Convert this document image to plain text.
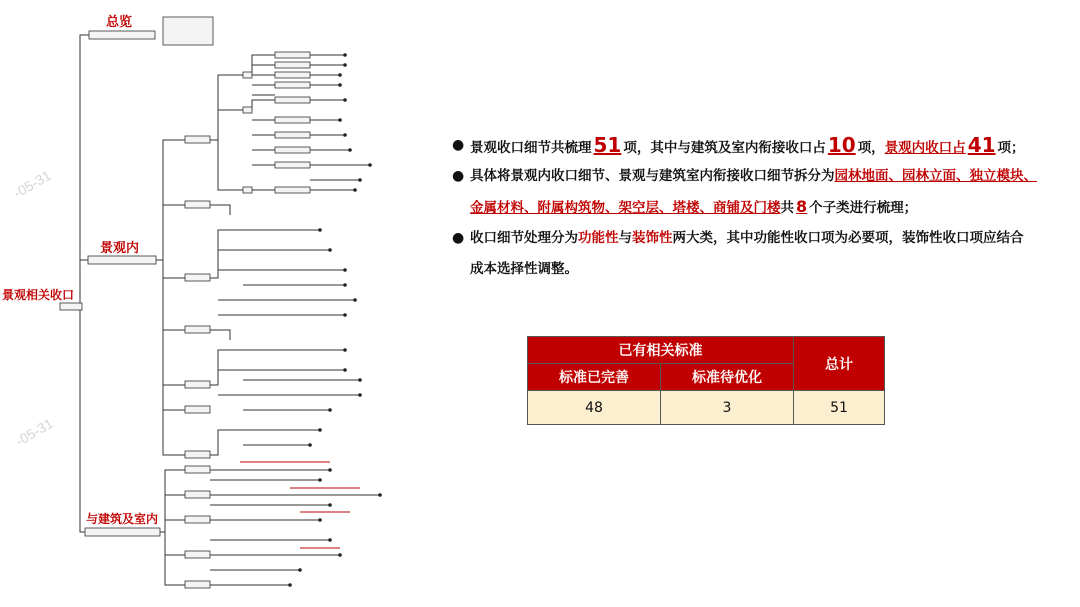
景观相关收口
总览
景观内
与建筑及室内
-05-31
-05-31
● 景观收口细节共梳理 51 项，其中与建筑及室内衔接收口占 10 项，景观内收口占 41 项；
● 具体将景观内收口细节、景观与建筑室内衔接收口细节拆分为园林地面、园林立面、独立模块、
金属材料、附属构筑物、架空层、塔楼、商铺及门楼共 8 个子类进行梳理；
● 收口细节处理分为功能性与装饰性两大类，其中功能性收口项为必要项，装饰性收口项应结合
成本选择性调整。
已有相关标准		总计
标准已完善	标准待优化	
48	3	51
